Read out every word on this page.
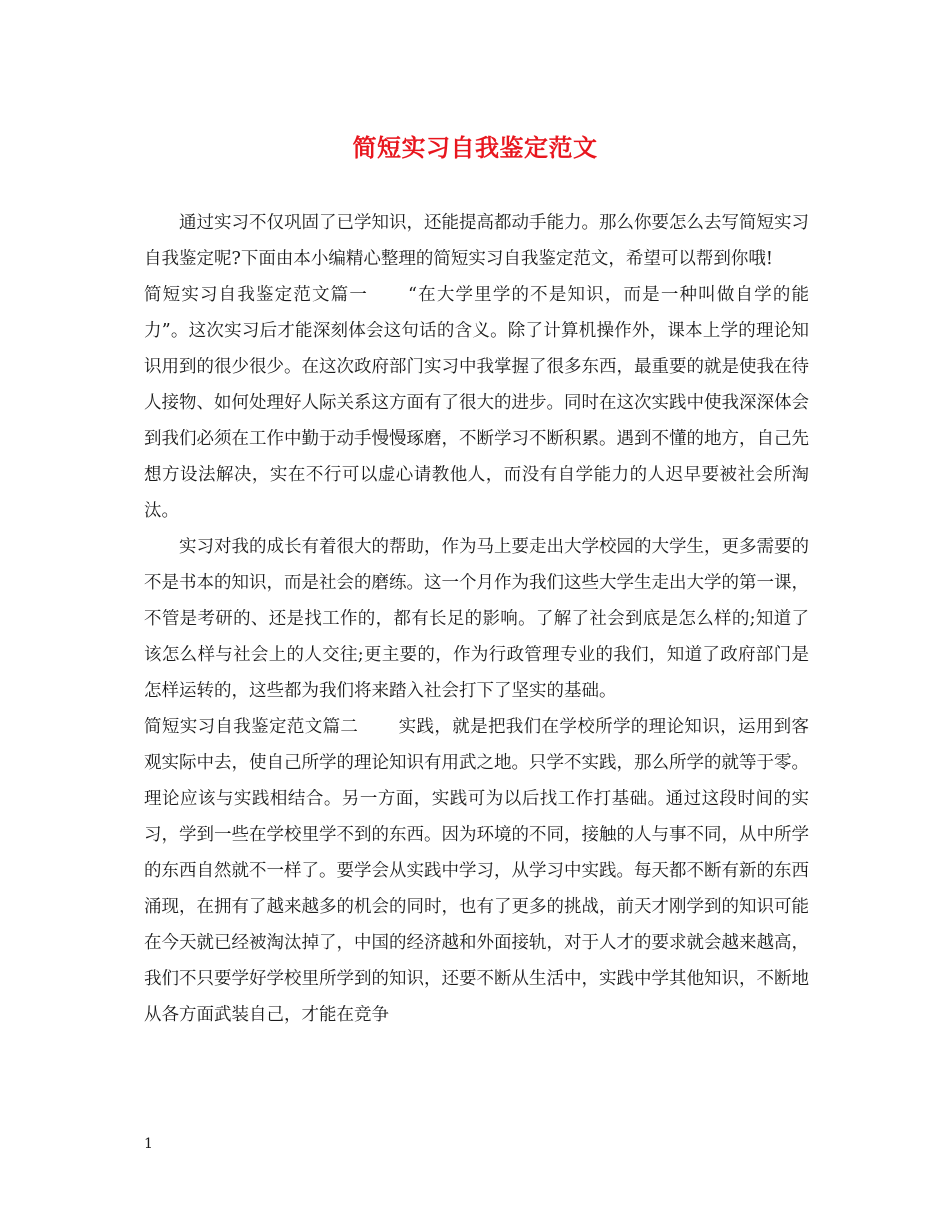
简短实习自我鉴定范文

通过实习不仅巩固了已学知识，还能提高都动手能力。那么你要怎么去写简短实习自我鉴定呢?下面由本小编精心整理的简短实习自我鉴定范文，希望可以帮到你哦!

简短实习自我鉴定范文篇一 “在大学里学的不是知识，而是一种叫做自学的能力”。这次实习后才能深刻体会这句话的含义。除了计算机操作外，课本上学的理论知识用到的很少很少。在这次政府部门实习中我掌握了很多东西，最重要的就是使我在待人接物、如何处理好人际关系这方面有了很大的进步。同时在这次实践中使我深深体会到我们必须在工作中勤于动手慢慢琢磨，不断学习不断积累。遇到不懂的地方，自己先想方设法解决，实在不行可以虚心请教他人，而没有自学能力的人迟早要被社会所淘汰。

实习对我的成长有着很大的帮助，作为马上要走出大学校园的大学生，更多需要的不是书本的知识，而是社会的磨练。这一个月作为我们这些大学生走出大学的第一课，不管是考研的、还是找工作的，都有长足的影响。了解了社会到底是怎么样的;知道了该怎么样与社会上的人交往;更主要的，作为行政管理专业的我们，知道了政府部门是怎样运转的，这些都为我们将来踏入社会打下了坚实的基础。

简短实习自我鉴定范文篇二 实践，就是把我们在学校所学的理论知识，运用到客观实际中去，使自己所学的理论知识有用武之地。只学不实践，那么所学的就等于零。理论应该与实践相结合。另一方面，实践可为以后找工作打基础。通过这段时间的实习，学到一些在学校里学不到的东西。因为环境的不同，接触的人与事不同，从中所学的东西自然就不一样了。要学会从实践中学习，从学习中实践。每天都不断有新的东西涌现，在拥有了越来越多的机会的同时，也有了更多的挑战，前天才刚学到的知识可能在今天就已经被淘汰掉了，中国的经济越和外面接轨，对于人才的要求就会越来越高，我们不只要学好学校里所学到的知识，还要不断从生活中，实践中学其他知识，不断地从各方面武装自己，才能在竞争

1
